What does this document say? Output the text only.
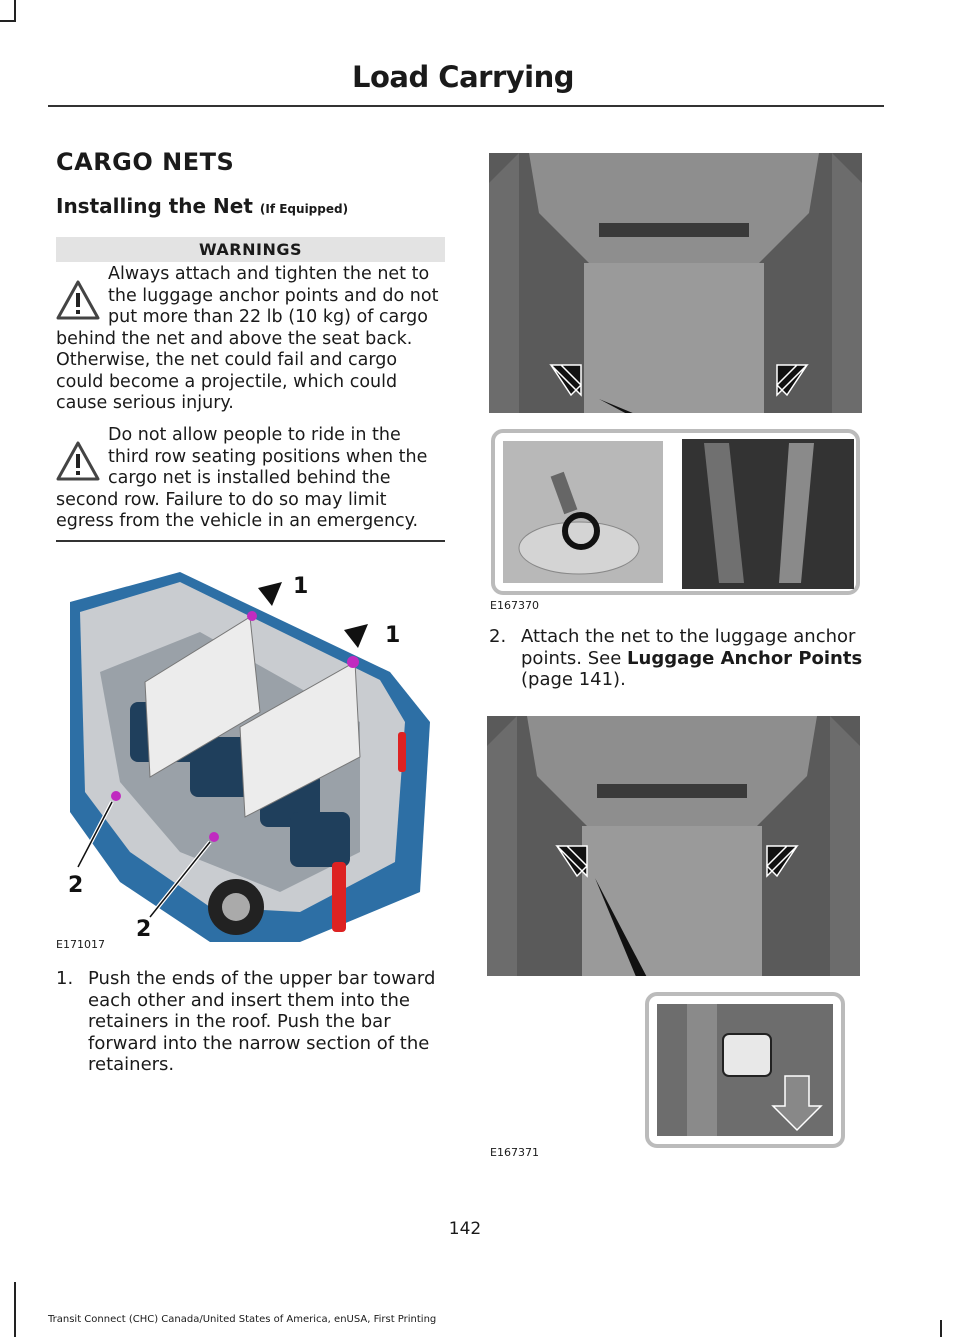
Load Carrying
CARGO NETS
Installing the Net (If Equipped)
WARNINGS
Always attach and tighten the net to
the luggage anchor points and do not
put more than 22 lb (10 kg) of cargo
behind the net and above the seat back.
Otherwise, the net could fail and cargo
could become a projectile, which could
cause serious injury.
Do not allow people to ride in the
third row seating positions when the
cargo net is installed behind the
second row. Failure to do so may limit
egress from the vehicle in an emergency.
1
1
2
2
E171017
1. Push the ends of the upper bar toward
each other and insert them into the
retainers in the roof. Push the bar
forward into the narrow section of the
retainers.
E167370
2. Attach the net to the luggage anchor
points. See Luggage Anchor Points
(page 141).
E167371
142
Transit Connect (CHC) Canada/United States of America, enUSA, First Printing
